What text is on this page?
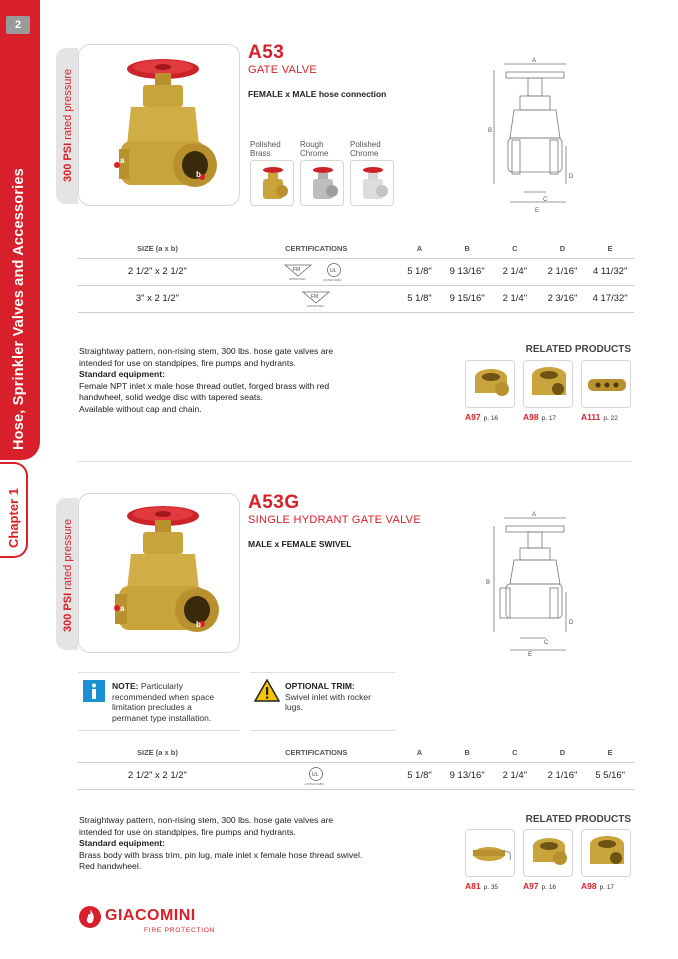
2
Hose, Sprinkler Valves and Accessories
Chapter 1
300 PSI rated pressure
a
b
A53
GATE VALVE
FEMALE x MALE hose connection
Polished
Brass
Rough
Chrome
Polished
Chrome
A
B
C
D
E
SIZE (a x b)	CERTIFICATIONS	A	B	C	D	E
2 1/2" x 2 1/2"	FM
APPROVED
UL
LISTED 618R	5 1/8"	9 13/16"	2 1/4"	2 1/16"	4 11/32"
3" x 2 1/2"	FM
APPROVED	5 1/8"	9 15/16"	2 1/4"	2 3/16"	4 17/32"
Straightway pattern, non-rising stem, 300 lbs. hose gate valves are
intended for use on standpipes, fire pumps and hydrants.
Standard equipment:
Female NPT inlet x male hose thread outlet, forged brass with red
handwheel, solid wedge disc with tapered seats.
Available without cap and chain.
RELATED PRODUCTS
A97 p. 16	A98 p. 17	A111 p. 22
300 PSI rated pressure
a
b
A53G
SINGLE HYDRANT GATE VALVE
MALE x FEMALE SWIVEL
A
B
C
D
E
NOTE: Particularly
recommended when space
limitation precludes a
permanet type installation.
OPTIONAL TRIM:
Swivel inlet with rocker
lugs.
SIZE (a x b)	CERTIFICATIONS	A	B	C	D	E
2 1/2" x 2 1/2"	UL
LISTED 618R	5 1/8"	9 13/16"	2 1/4"	2 1/16"	5 5/16"
Straightway pattern, non-rising stem, 300 lbs. hose gate valves are
intended for use on standpipes, fire pumps and hydrants.
Standard equipment:
Brass body with brass trim, pin lug, male inlet x female hose thread swivel.
Red handwheel.
RELATED PRODUCTS
A81 p. 35	A97 p. 16	A98 p. 17
GIACOMINI
FIRE PROTECTION
